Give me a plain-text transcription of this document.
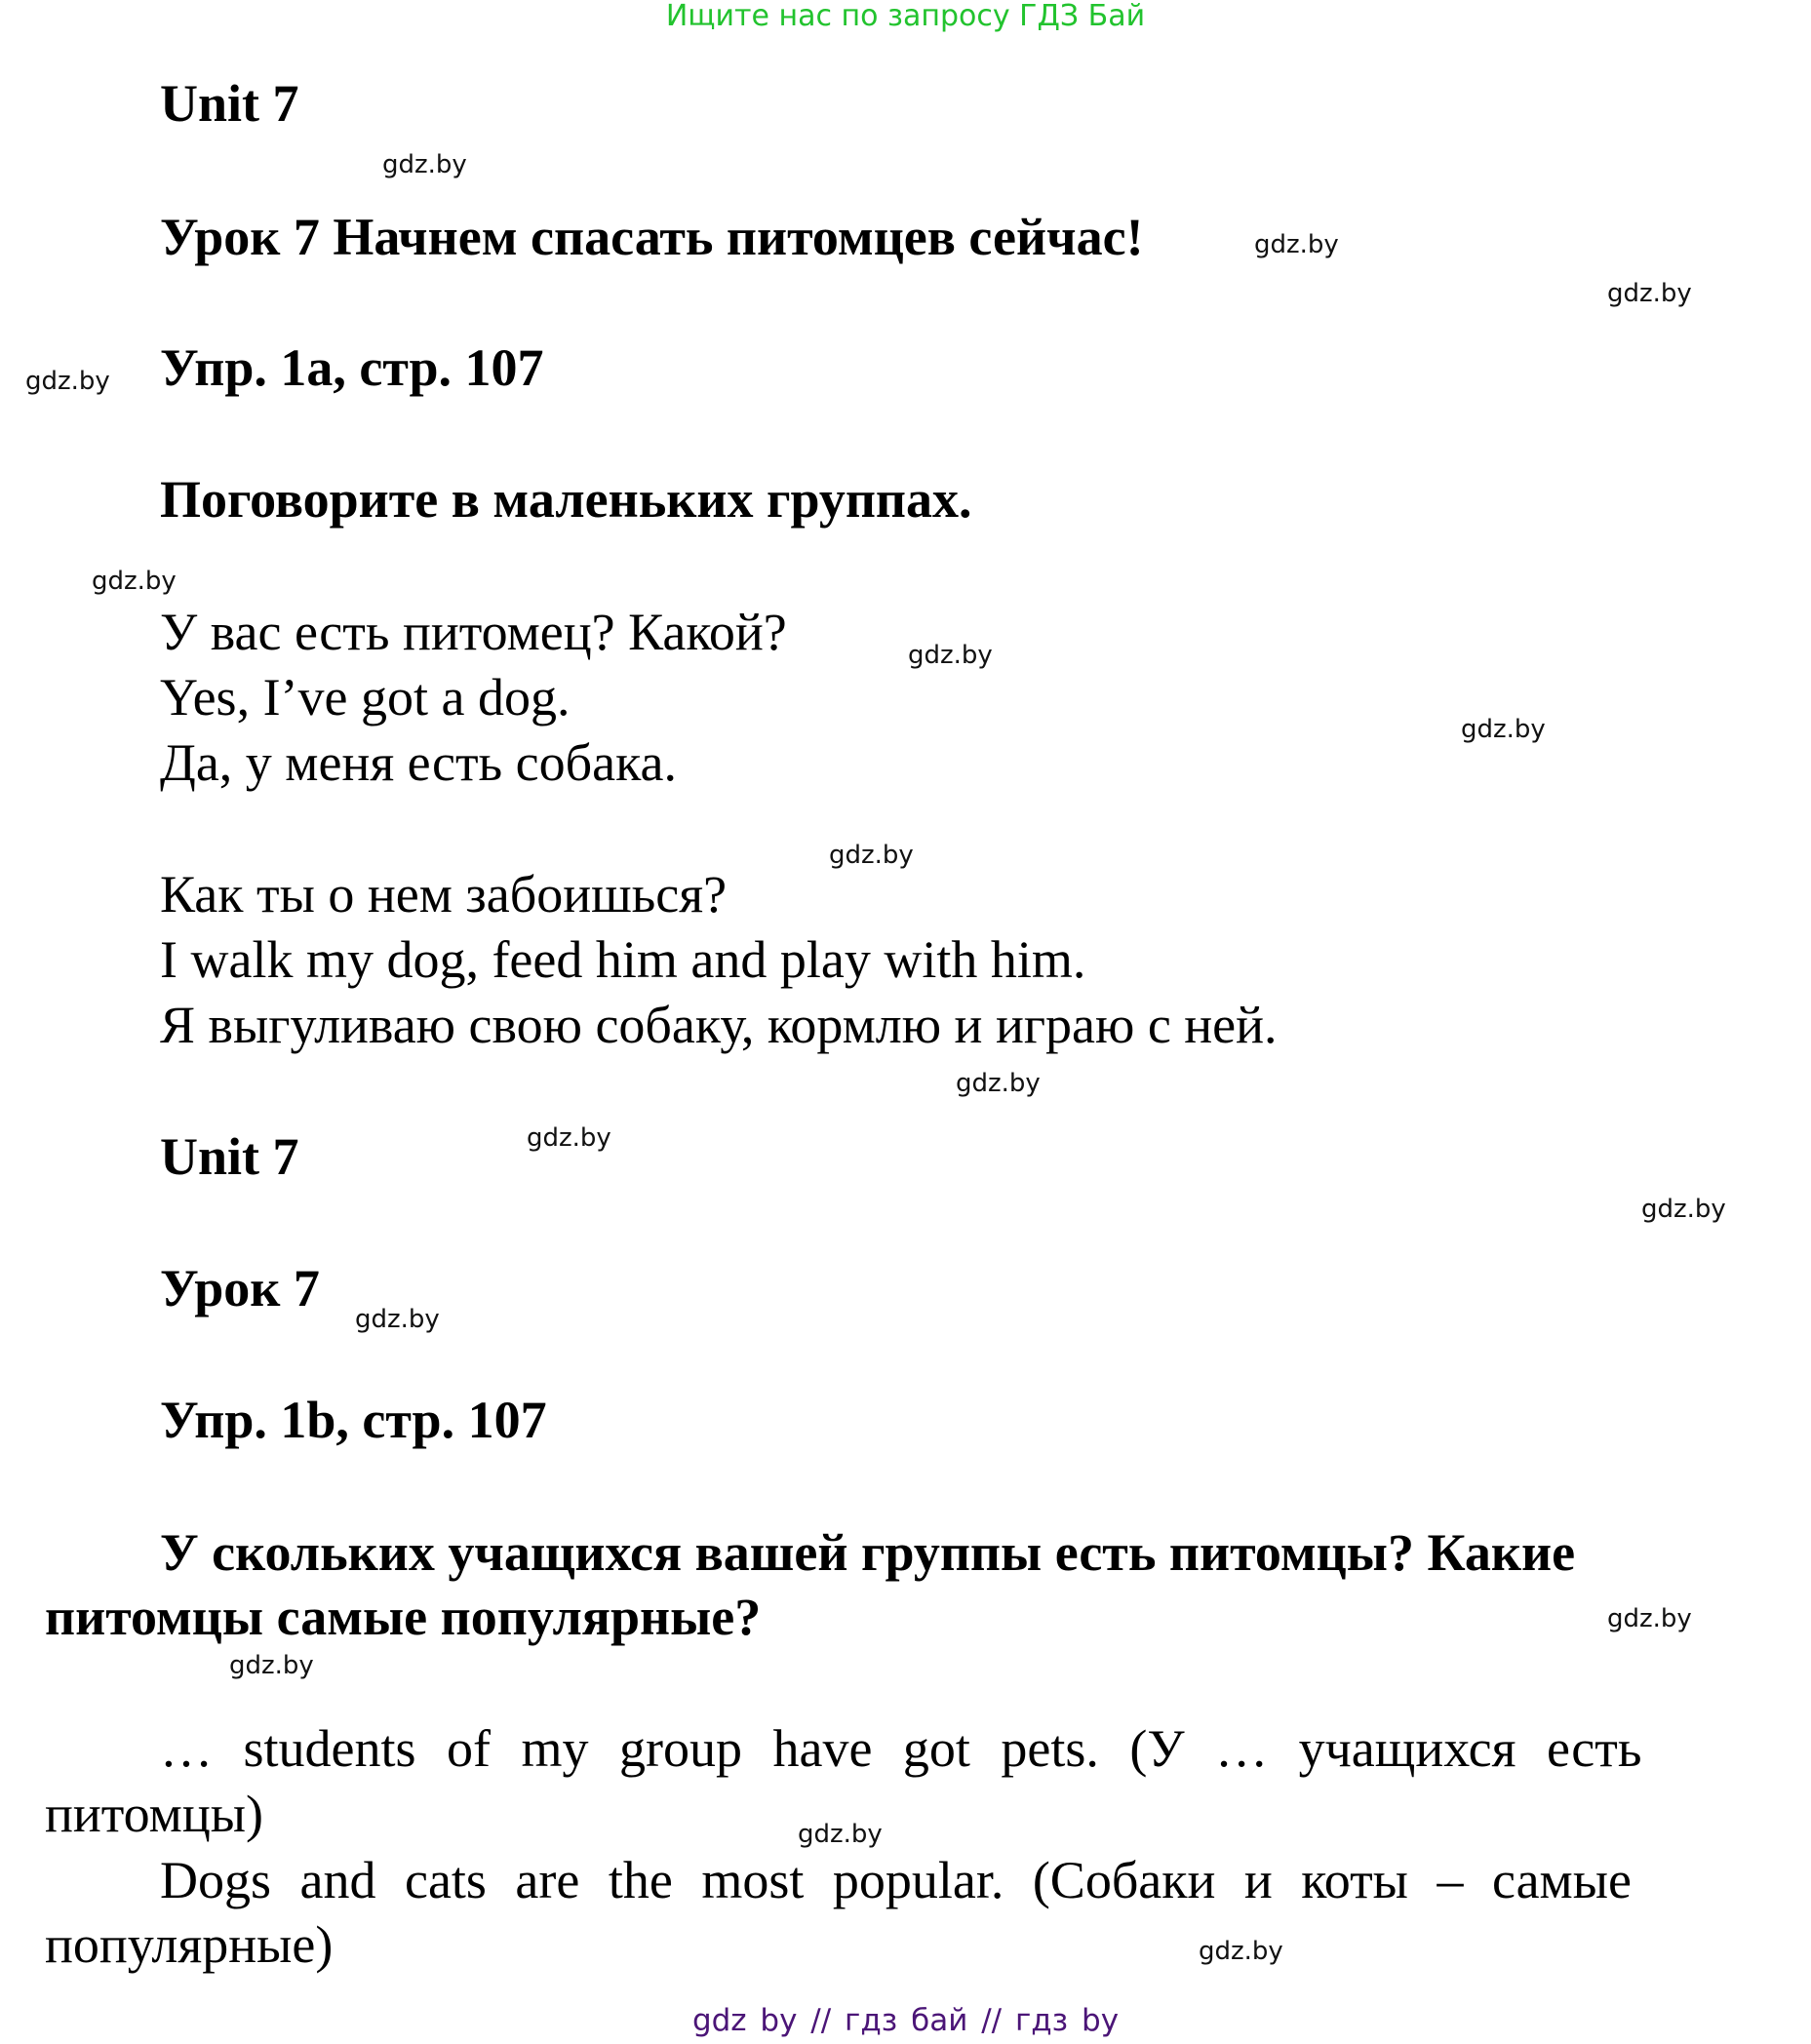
Ищите нас по запросу ГДЗ Бай
Unit 7
gdz.by
Урок 7 Начнем спасать питомцев сейчас!	gdz.by
gdz.by
gdz.by Упр. 1a, стр. 107
Поговорите в маленьких группах.
gdz.by
У вас есть питомец? Какой?	gdz.by
Yes, I’ve got a dog.
gdz.by
Да, у меня есть собака.
gdz.by
Как ты о нем забоишься?
I walk my dog, feed him and play with him.
Я выгуливаю свою собаку, кормлю и играю с ней.
gdz.by
Unit 7	gdz.by
gdz.by
Урок 7
gdz.by
Упр. 1b, стр. 107
У скольких учащихся вашей группы есть питомцы? Какие
питомцы самые популярные?	gdz.by
gdz.by
… students of my group have got pets. (У … учащихся есть
питомцы)	gdz.by
Dogs and cats are the most popular. (Собаки и коты – самые
популярные)	gdz.by
gdz by // гдз бай // гдз by
